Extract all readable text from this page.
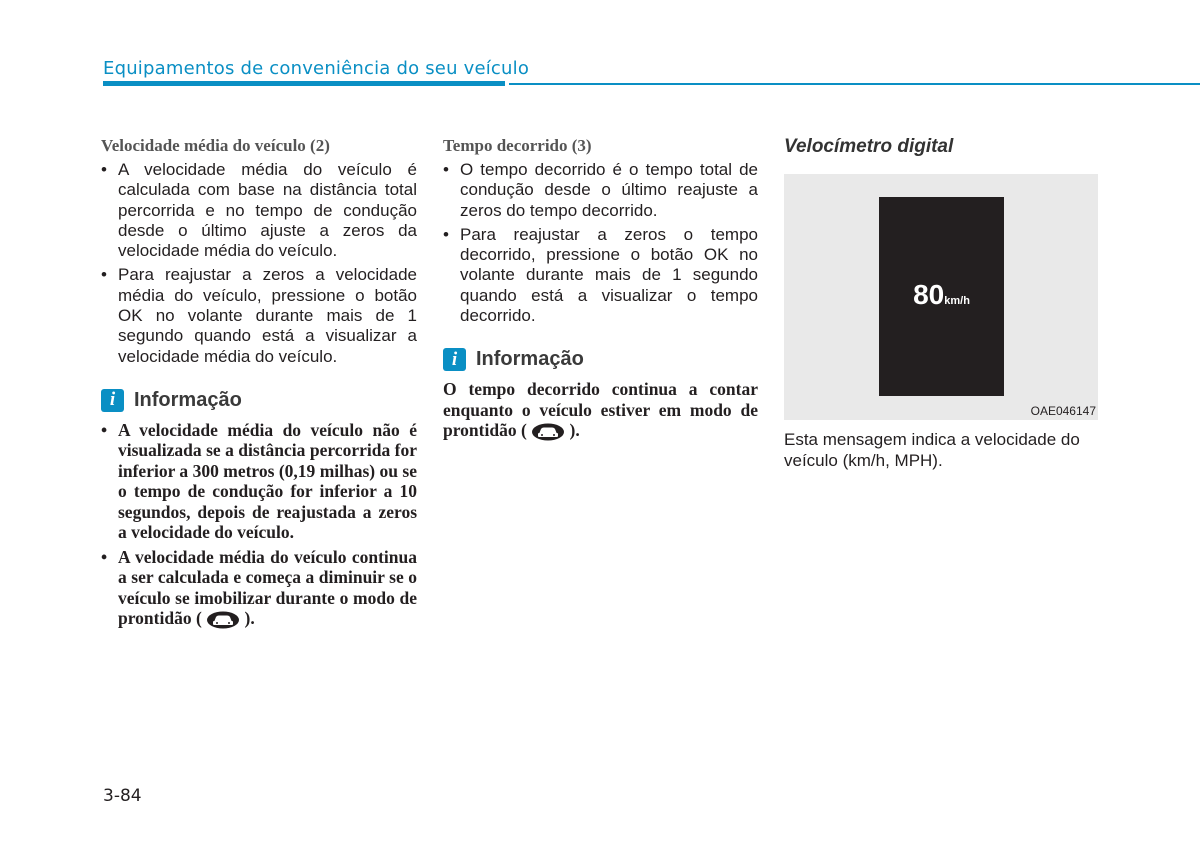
Equipamentos de conveniência do seu veículo

Velocidade média do veículo (2)

• A velocidade média do veículo é calculada com base na distância total percorrida e no tempo de condução desde o último ajuste a zeros da velocidade média do veículo.
• Para reajustar a zeros a velocidade média do veículo, pressione o botão OK no volante durante mais de 1 segundo quando está a visualizar a velocidade média do veículo.
i Informação
• A velocidade média do veículo não é visualizada se a distância percorrida for inferior a 300 metros (0,19 milhas) ou se o tempo de condução for inferior a 10 segundos, depois de reajustada a zeros a velocidade do veículo.
• A velocidade média do veículo continua a ser calculada e começa a diminuir se o veículo se imobilizar durante o modo de prontidão ( ).

Tempo decorrido (3)

• O tempo decorrido é o tempo total de condução desde o último reajuste a zeros do tempo decorrido.
• Para reajustar a zeros o tempo decorrido, pressione o botão OK no volante durante mais de 1 segundo quando está a visualizar o tempo decorrido.
i Informação

O tempo decorrido continua a contar enquanto o veículo estiver em modo de prontidão ( ).

Velocímetro digital

80km/h
OAE046147
Esta mensagem indica a velocidade do veículo (km/h, MPH).
3-84
